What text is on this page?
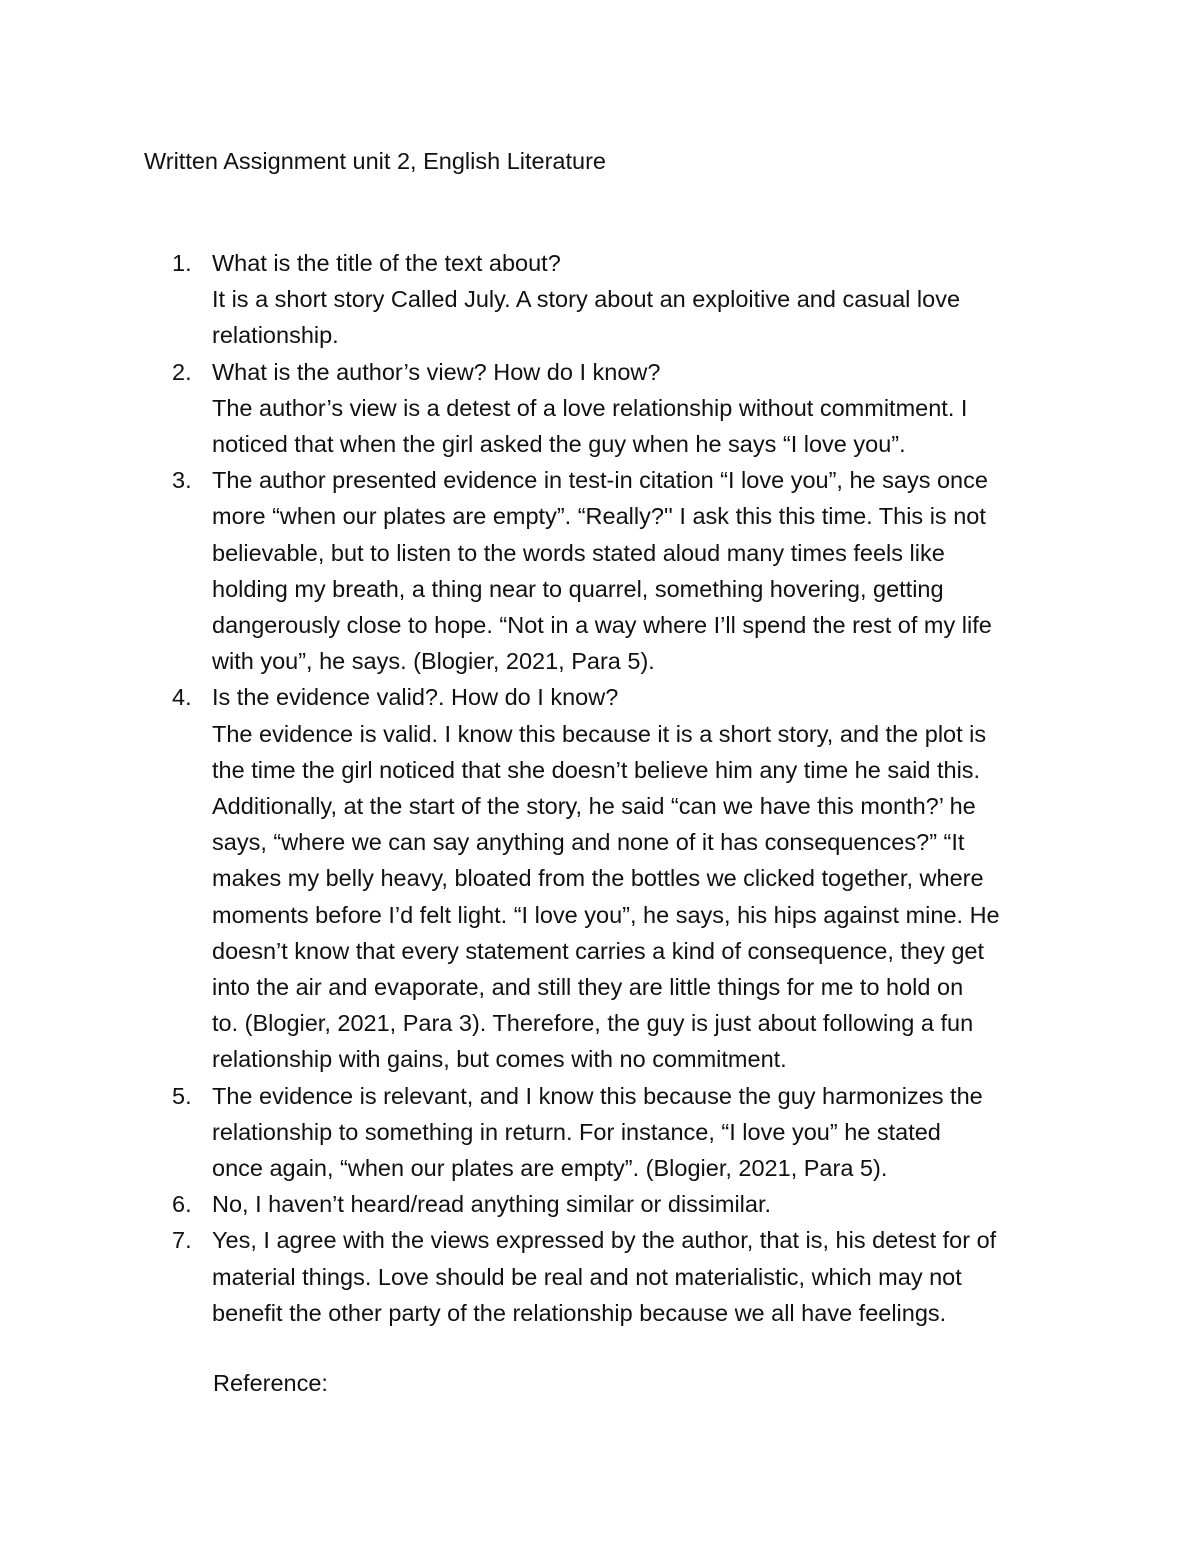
Written Assignment unit 2, English Literature
1. What is the title of the text about?
It is a short story Called July. A story about an exploitive and casual love
relationship.
2. What is the author’s view? How do I know?
The author’s view is a detest of a love relationship without commitment. I
noticed that when the girl asked the guy when he says “I love you”.
3. The author presented evidence in test-in citation “I love you”, he says once
more “when our plates are empty”. “Really?'' I ask this this time. This is not
believable, but to listen to the words stated aloud many times feels like
holding my breath, a thing near to quarrel, something hovering, getting
dangerously close to hope. “Not in a way where I’ll spend the rest of my life
with you”, he says. (Blogier, 2021, Para 5).
4. Is the evidence valid?. How do I know?
The evidence is valid. I know this because it is a short story, and the plot is
the time the girl noticed that she doesn’t believe him any time he said this.
Additionally, at the start of the story, he said “can we have this month?’ he
says, “where we can say anything and none of it has consequences?” “It
makes my belly heavy, bloated from the bottles we clicked together, where
moments before I’d felt light. “I love you”, he says, his hips against mine. He
doesn’t know that every statement carries a kind of consequence, they get
into the air and evaporate, and still they are little things for me to hold on
to. (Blogier, 2021, Para 3). Therefore, the guy is just about following a fun
relationship with gains, but comes with no commitment.
5. The evidence is relevant, and I know this because the guy harmonizes the
relationship to something in return. For instance, “I love you” he stated
once again, “when our plates are empty”. (Blogier, 2021, Para 5).
6. No, I haven’t heard/read anything similar or dissimilar.
7. Yes, I agree with the views expressed by the author, that is, his detest for of
material things. Love should be real and not materialistic, which may not
benefit the other party of the relationship because we all have feelings.
Reference:
